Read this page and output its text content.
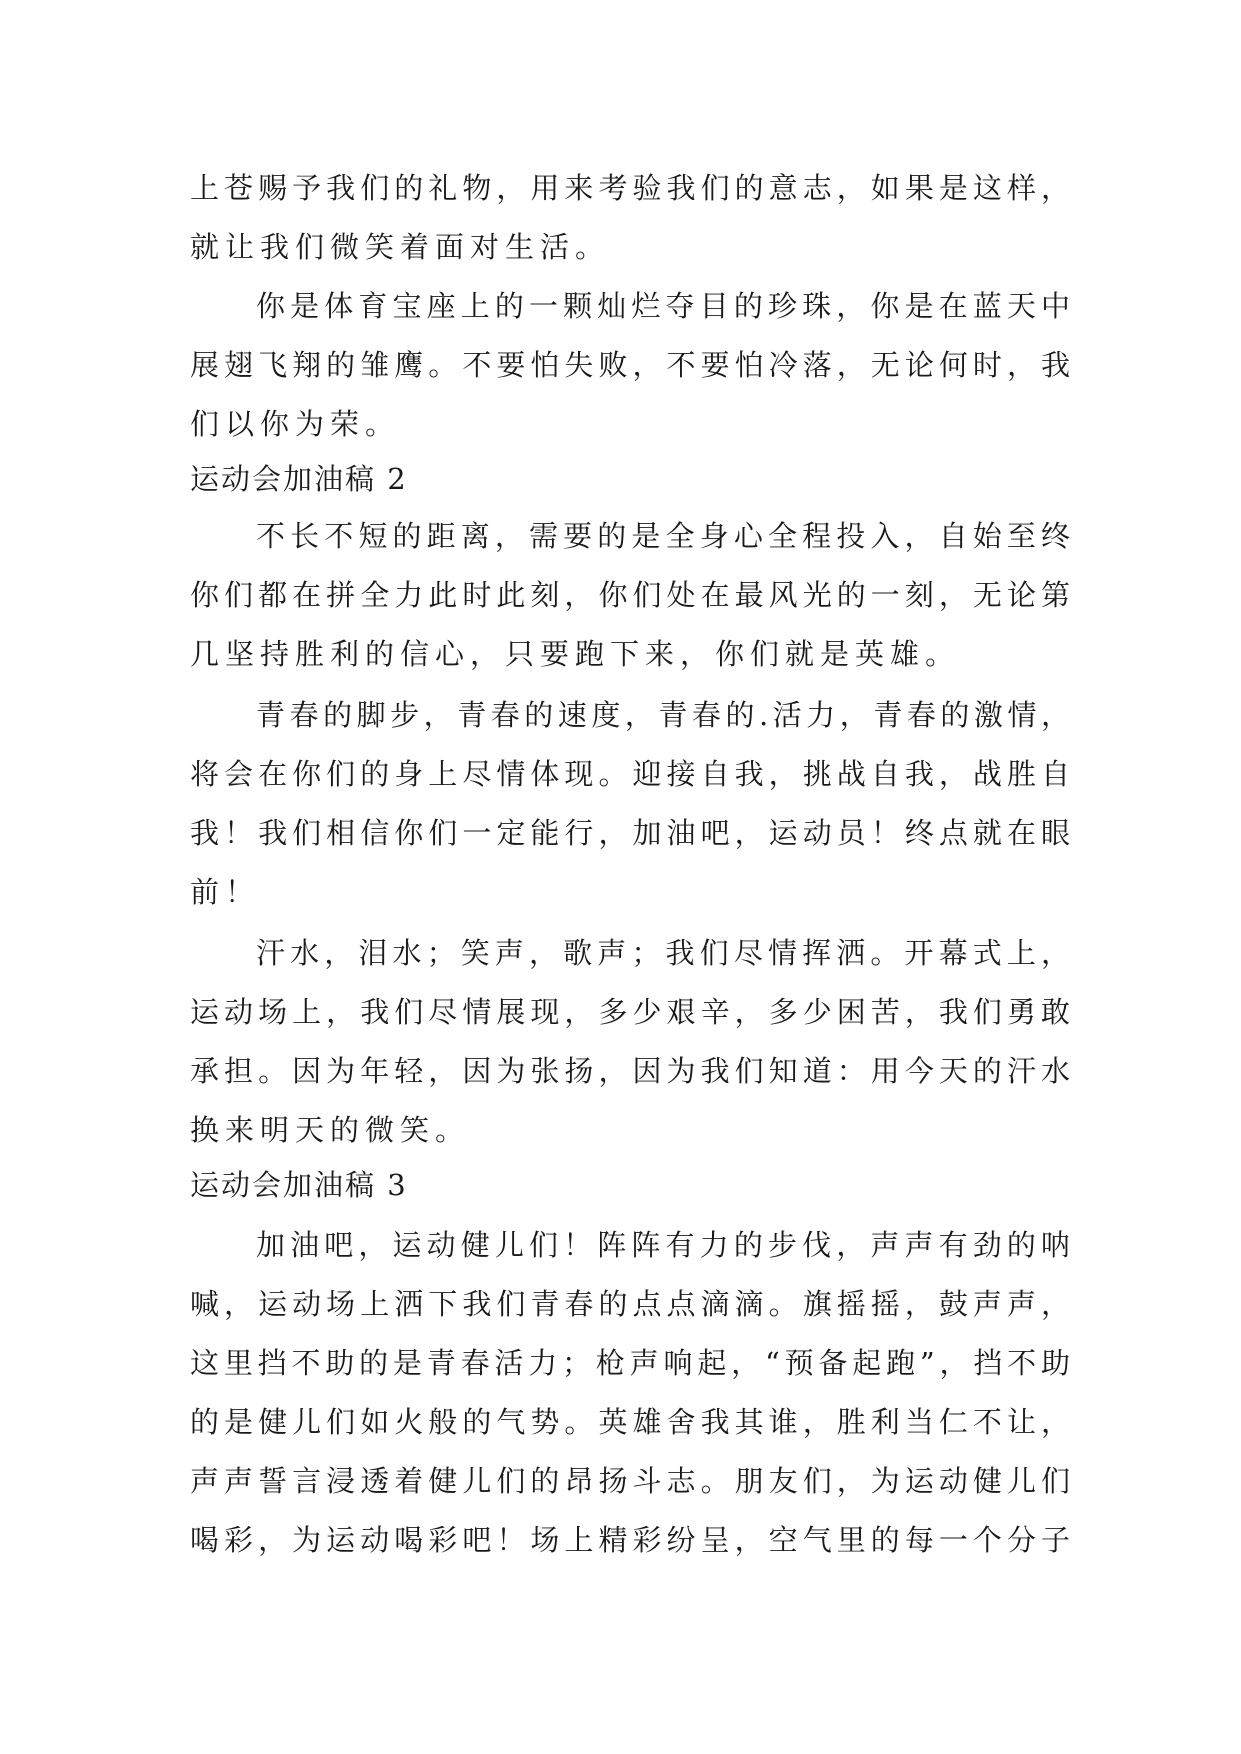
上苍赐予我们的礼物，用来考验我们的意志，如果是这样，
就让我们微笑着面对生活。
你是体育宝座上的一颗灿烂夺目的珍珠，你是在蓝天中
展翅飞翔的雏鹰。不要怕失败，不要怕冷落，无论何时，我
们以你为荣。
运动会加油稿 2
不长不短的距离，需要的是全身心全程投入，自始至终
你们都在拼全力此时此刻，你们处在最风光的一刻，无论第
几坚持胜利的信心，只要跑下来，你们就是英雄。
青春的脚步，青春的速度，青春的.活力，青春的激情，
将会在你们的身上尽情体现。迎接自我，挑战自我，战胜自
我！我们相信你们一定能行，加油吧，运动员！终点就在眼
前！
汗水，泪水；笑声，歌声；我们尽情挥洒。开幕式上，
运动场上，我们尽情展现，多少艰辛，多少困苦，我们勇敢
承担。因为年轻，因为张扬，因为我们知道：用今天的汗水
换来明天的微笑。
运动会加油稿 3
加油吧，运动健儿们！阵阵有力的步伐，声声有劲的呐
喊，运动场上洒下我们青春的点点滴滴。旗摇摇，鼓声声，
这里挡不助的是青春活力；枪声响起，“预备起跑”，挡不助
的是健儿们如火般的气势。英雄舍我其谁，胜利当仁不让，
声声誓言浸透着健儿们的昂扬斗志。朋友们，为运动健儿们
喝彩，为运动喝彩吧！场上精彩纷呈，空气里的每一个分子
